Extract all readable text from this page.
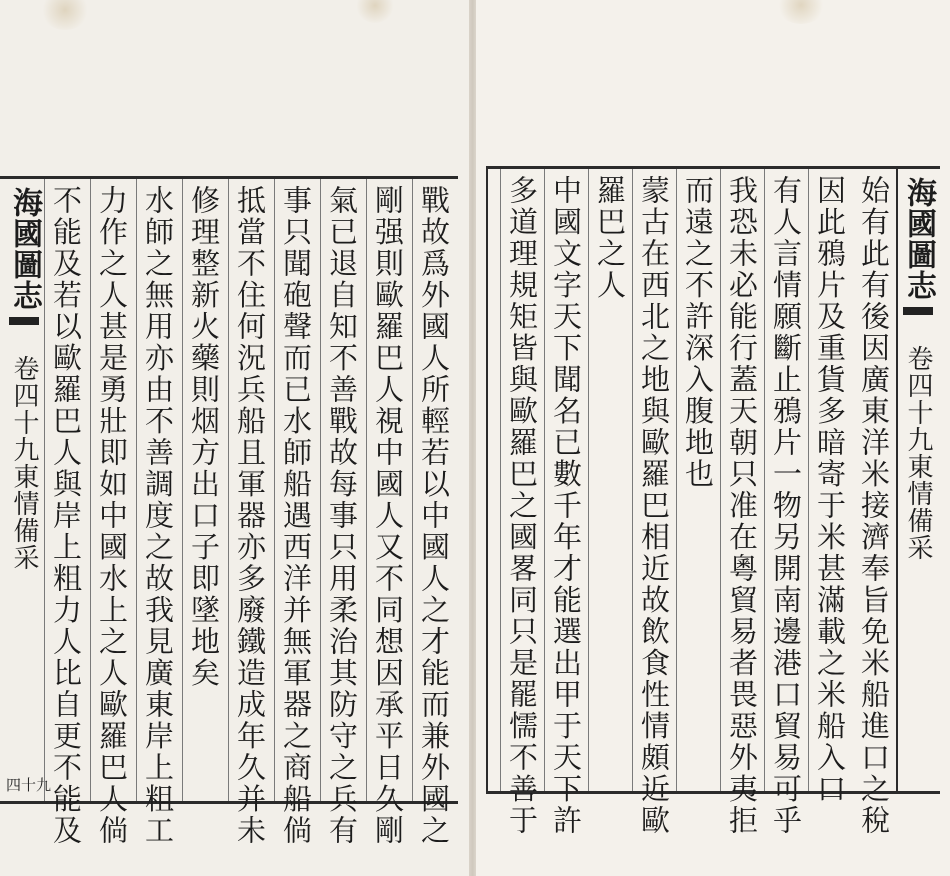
海國圖志卷四十九東情備采
四十九	戰故爲外國人所輕若以中國人之才能而兼外國之
剛强則歐羅巴人視中國人又不同想因承平日久剛
氣已退自知不善戰故每事只用柔治其防守之兵有
事只聞砲聲而已水師船遇西洋并無軍器之商船倘
抵當不住何況兵船且軍器亦多廢鐵造成年久并未
修理整新火藥則烟方出口子即墜地矣
水師之無用亦由不善調度之故我見廣東岸上粗工
力作之人甚是勇壯即如中國水上之人歐羅巴人倘
不能及若以歐羅巴人與岸上粗力人比自更不能及	始有此有後因廣東洋米接濟奉旨免米船進口之稅
因此鴉片及重貨多暗寄于米甚滿載之米船入口
有人言情願斷止鴉片一物另開南邊港口貿易可乎
我恐未必能行蓋天朝只准在粵貿易者畏惡外夷拒
而遠之不許深入腹地也
蒙古在西北之地與歐羅巴相近故飲食性情頗近歐
羅巴之人
中國文字天下聞名已數千年才能選出甲于天下許
多道理規矩皆與歐羅巴之國畧同只是罷懦不善于	海國圖志卷四十九東情備采
